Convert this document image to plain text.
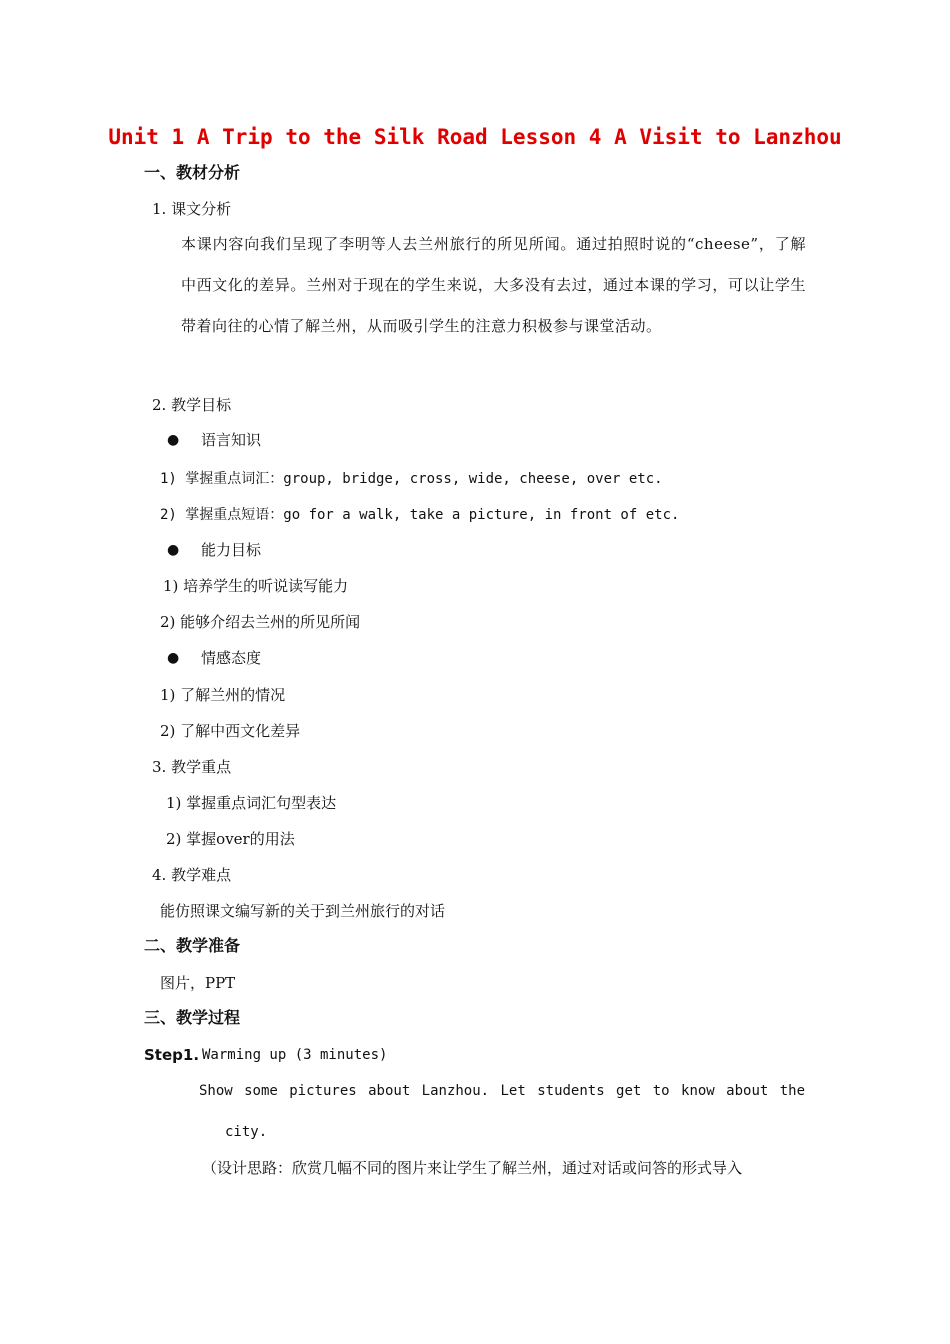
Unit 1 A Trip to the Silk Road Lesson 4 A Visit to Lanzhou
一、教材分析
1. 课文分析
本课内容向我们呈现了李明等人去兰州旅行的所见所闻。通过拍照时说的“cheese”，了解中西文化的差异。兰州对于现在的学生来说，大多没有去过，通过本课的学习，可以让学生带着向往的心情了解兰州，从而吸引学生的注意力积极参与课堂活动。
2. 教学目标
● 语言知识
1) 掌握重点词汇：group, bridge, cross, wide, cheese, over etc.
2) 掌握重点短语：go for a walk, take a picture, in front of etc.
● 能力目标
1) 培养学生的听说读写能力
2) 能够介绍去兰州的所见所闻
● 情感态度
1) 了解兰州的情况
2) 了解中西文化差异
3. 教学重点
1) 掌握重点词汇句型表达
2) 掌握over的用法
4. 教学难点
能仿照课文编写新的关于到兰州旅行的对话
二、教学准备
图片，PPT
三、教学过程
Step1. Warming up (3 minutes)
Show some pictures about Lanzhou. Let students get to know about the
city.
（设计思路：欣赏几幅不同的图片来让学生了解兰州，通过对话或问答的形式导入
